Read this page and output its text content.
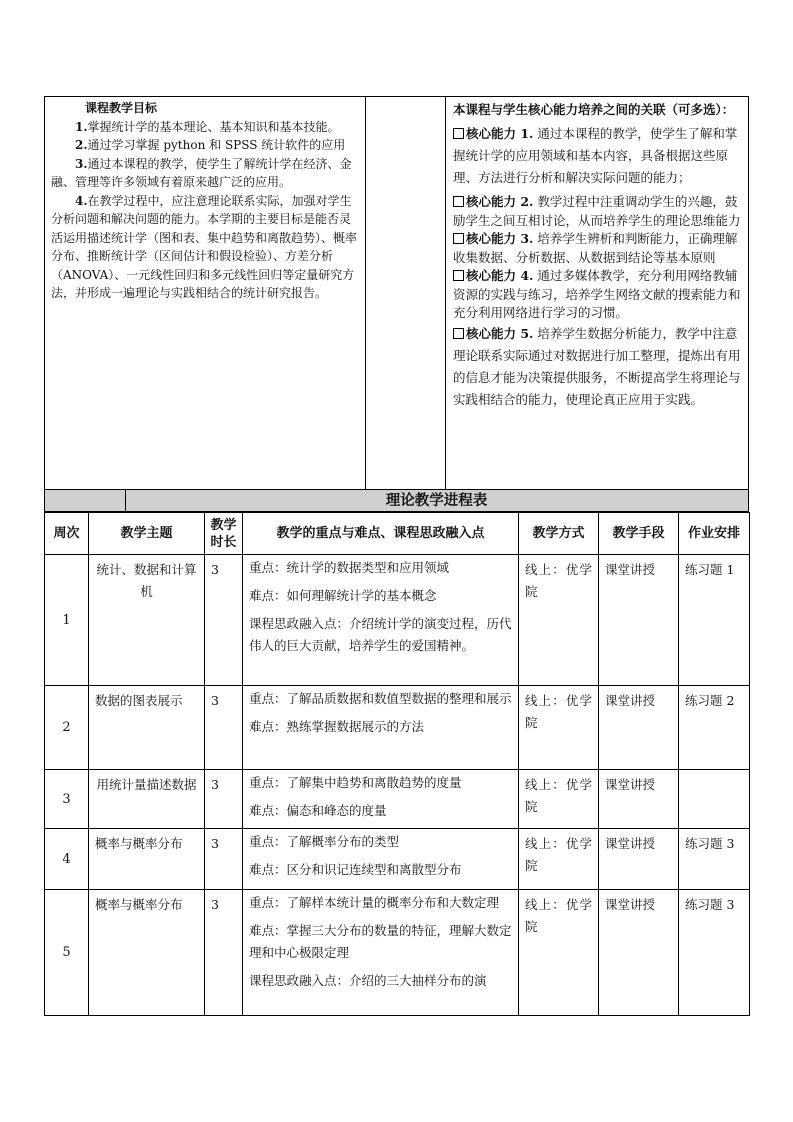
课程教学目标

1.掌握统计学的基本理论、基本知识和基本技能。

2.通过学习掌握 python 和 SPSS 统计软件的应用

3.通过本课程的教学，使学生了解统计学在经济、金融、管理等许多领域有着原来越广泛的应用。

4.在教学过程中，应注意理论联系实际，加强对学生分析问题和解决问题的能力。本学期的主要目标是能否灵活运用描述统计学（图和表、集中趋势和离散趋势）、概率分布、推断统计学（区间估计和假设检验）、方差分析（ANOVA）、一元线性回归和多元线性回归等定量研究方法，并形成一遍理论与实践相结合的统计研究报告。

本课程与学生核心能力培养之间的关联（可多选）：

核心能力 1. 通过本课程的教学，使学生了解和掌握统计学的应用领域和基本内容，具备根据这些原理、方法进行分析和解决实际问题的能力；

核心能力 2. 教学过程中注重调动学生的兴趣，鼓励学生之间互相讨论，从而培养学生的理论思维能力

核心能力 3. 培养学生辨析和判断能力，正确理解收集数据、分析数据、从数据到结论等基本原则

核心能力 4. 通过多媒体教学，充分利用网络教辅资源的实践与练习，培养学生网络文献的搜索能力和充分利用网络进行学习的习惯。

核心能力 5. 培养学生数据分析能力，教学中注意理论联系实际通过对数据进行加工整理，提炼出有用的信息才能为决策提供服务，不断提高学生将理论与实践相结合的能力，使理论真正应用于实践。

理论教学进程表
周次	教学主题	教学时长	教学的重点与难点、课程思政融入点	教学方式	教学手段	作业安排
1	统计、数据和计算机	3	重点：统计学的数据类型和应用领域
难点：如何理解统计学的基本概念
课程思政融入点：介绍统计学的演变过程，历代伟人的巨大贡献，培养学生的爱国精神。	线上：优学院	课堂讲授	练习题 1
2	数据的图表展示	3	重点：了解品质数据和数值型数据的整理和展示
难点：熟练掌握数据展示的方法	线上：优学院	课堂讲授	练习题 2
3	用统计量描述数据	3	重点：了解集中趋势和离散趋势的度量
难点：偏态和峰态的度量	线上：优学院	课堂讲授	
4	概率与概率分布	3	重点：了解概率分布的类型
难点：区分和识记连续型和离散型分布	线上：优学院	课堂讲授	练习题 3
5	概率与概率分布	3	重点：了解样本统计量的概率分布和大数定理
难点：掌握三大分布的数量的特征，理解大数定理和中心极限定理
课程思政融入点：介绍的三大抽样分布的演	线上：优学院	课堂讲授	练习题 3
